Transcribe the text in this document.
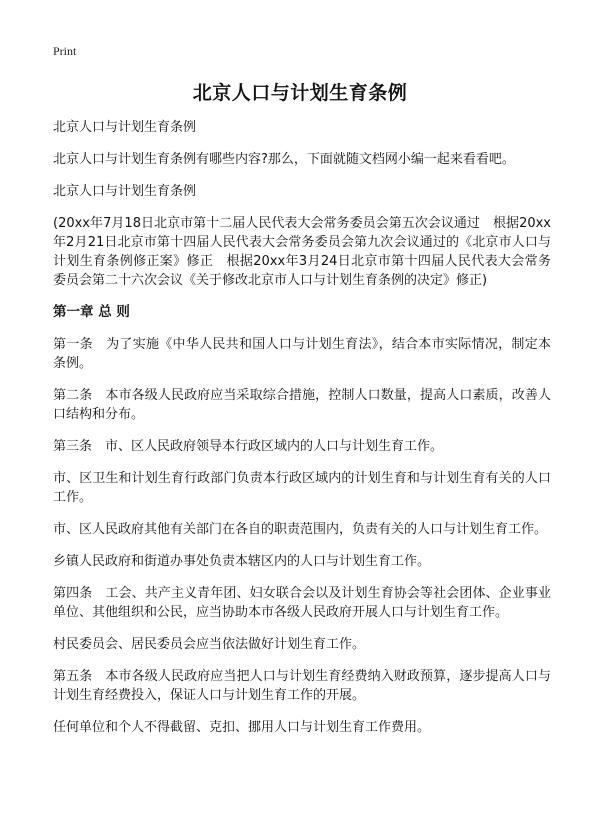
Print
北京人口与计划生育条例

北京人口与计划生育条例

北京人口与计划生育条例有哪些内容?那么，下面就随文档网小编一起来看看吧。

北京人口与计划生育条例

(20xx年7月18日北京市第十二届人民代表大会常务委员会第五次会议通过　根据20xx年2月21日北京市第十四届人民代表大会常务委员会第九次会议通过的《北京市人口与计划生育条例修正案》修正　根据20xx年3月24日北京市第十四届人民代表大会常务委员会第二十六次会议《关于修改北京市人口与计划生育条例的决定》修正)

第一章 总 则

第一条　为了实施《中华人民共和国人口与计划生育法》，结合本市实际情况，制定本条例。

第二条　本市各级人民政府应当采取综合措施，控制人口数量，提高人口素质，改善人口结构和分布。

第三条　市、区人民政府领导本行政区域内的人口与计划生育工作。

市、区卫生和计划生育行政部门负责本行政区域内的计划生育和与计划生育有关的人口工作。

市、区人民政府其他有关部门在各自的职责范围内，负责有关的人口与计划生育工作。

乡镇人民政府和街道办事处负责本辖区内的人口与计划生育工作。

第四条　工会、共产主义青年团、妇女联合会以及计划生育协会等社会团体、企业事业单位、其他组织和公民，应当协助本市各级人民政府开展人口与计划生育工作。

村民委员会、居民委员会应当依法做好计划生育工作。

第五条　本市各级人民政府应当把人口与计划生育经费纳入财政预算，逐步提高人口与计划生育经费投入，保证人口与计划生育工作的开展。

任何单位和个人不得截留、克扣、挪用人口与计划生育工作费用。
